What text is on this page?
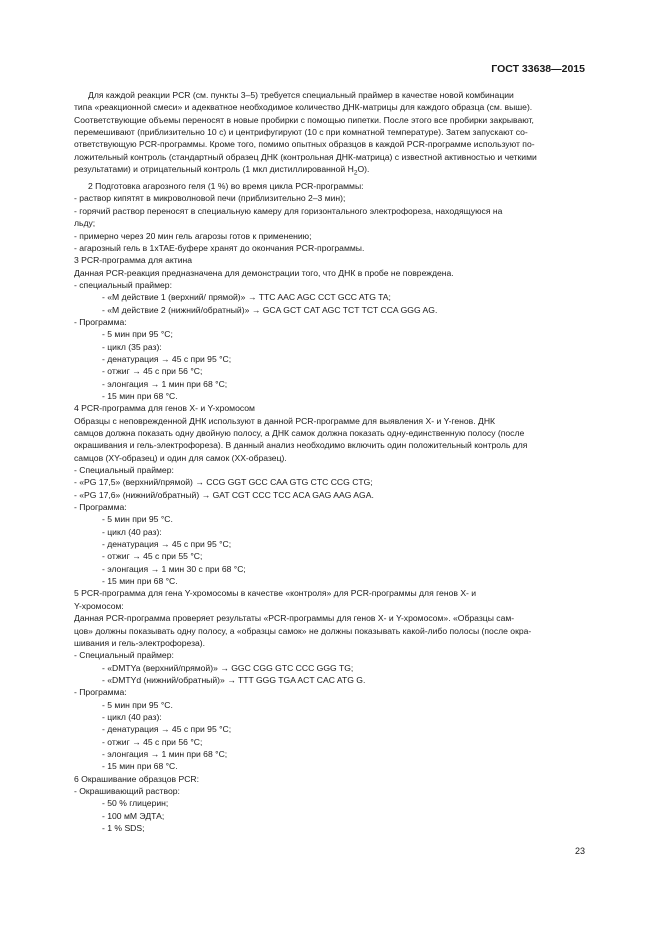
ГОСТ 33638—2015

Для каждой реакции PCR (см. пункты 3–5) требуется специальный праймер в качестве новой комбинации

типа «реакционной смеси» и адекватное необходимое количество ДНК-матрицы для каждого образца (см. выше).

Соответствующие объемы переносят в новые пробирки с помощью пипетки. После этого все пробирки закрывают,

перемешивают (приблизительно 10 с) и центрифугируют (10 с при комнатной температуре). Затем запускают со-

ответствующую PCR-программы. Кроме того, помимо опытных образцов в каждой PCR-программе используют по-

ложительный контроль (стандартный образец ДНК (контрольная ДНК-матрица) с известной активностью и четкими

результатами) и отрицательный контроль (1 мкл дистиллированной $H_2O$).

2 Подготовка агарозного геля (1 %) во время цикла PCR-программы:

- раствор кипятят в микроволновой печи (приблизительно 2–3 мин);

- горячий раствор переносят в специальную камеру для горизонтального электрофореза, находящуюся на

льду;

- примерно через 20 мин гель агарозы готов к применению;

- агарозный гель в 1xTAE-буфере хранят до окончания PCR-программы.

3 PCR-программа для актина

Данная PCR-реакция предназначена для демонстрации того, что ДНК в пробе не повреждена.

- специальный праймер:

- «М действие 1 (верхний/ прямой)» → TTC AAC AGC CCT GCC ATG TA;

- «М действие 2 (нижний/обратный)» → GCA GCT CAT AGC TCT TCT CCA GGG AG.

- Программа:

- 5 мин при 95 °С;

- цикл (35 раз):

- денатурация → 45 с при 95 °С;

- отжиг → 45 с при 56 °С;

- элонгация → 1 мин при 68 °С;

- 15 мин при 68 °С.

4 PCR-программа для генов X- и Y-хромосом

Образцы с неповрежденной ДНК используют в данной PCR-программе для выявления X- и Y-генов. ДНК

самцов должна показать одну двойную полосу, а ДНК самок должна показать одну-единственную полосу (после

окрашивания и гель-электрофореза). В данный анализ необходимо включить один положительный контроль для

самцов (XY-образец) и один для самок (XX-образец).

- Специальный праймер:

- «PG 17,5» (верхний/прямой) → CCG GGT GCC CAA GTG CTC CCG CTG;

- «PG 17,6» (нижний/обратный) → GAT CGT CCC TCC ACA GAG AAG AGA.

- Программа:

- 5 мин при 95 °С.

- цикл (40 раз):

- денатурация → 45 с при 95 °С;

- отжиг → 45 с при 55 °С;

- элонгация → 1 мин 30 с при 68 °С;

- 15 мин при 68 °С.

5 PCR-программа для гена Y-хромосомы в качестве «контроля» для PCR-программы для генов X- и

Y-хромосом:

Данная PCR-программа проверяет результаты «PCR-программы для генов X- и Y-хромосом». «Образцы сам-

цов» должны показывать одну полосу, а «образцы самок» не должны показывать какой-либо полосы (после окра-

шивания и гель-электрофореза).

- Специальный праймер:

- «DMTYa (верхний/прямой)» → GGC CGG GTC CCC GGG TG;

- «DMTYd (нижний/обратный)» → TTT GGG TGA ACT CAC ATG G.

- Программа:

- 5 мин при 95 °С.

- цикл (40 раз):

- денатурация → 45 с при 95 °С;

- отжиг → 45 с при 56 °С;

- элонгация → 1 мин при 68 °С;

- 15 мин при 68 °С.

6 Окрашивание образцов PCR:

- Окрашивающий раствор:

- 50 % глицерин;

- 100 мМ ЭДТА;

- 1 % SDS;

23
